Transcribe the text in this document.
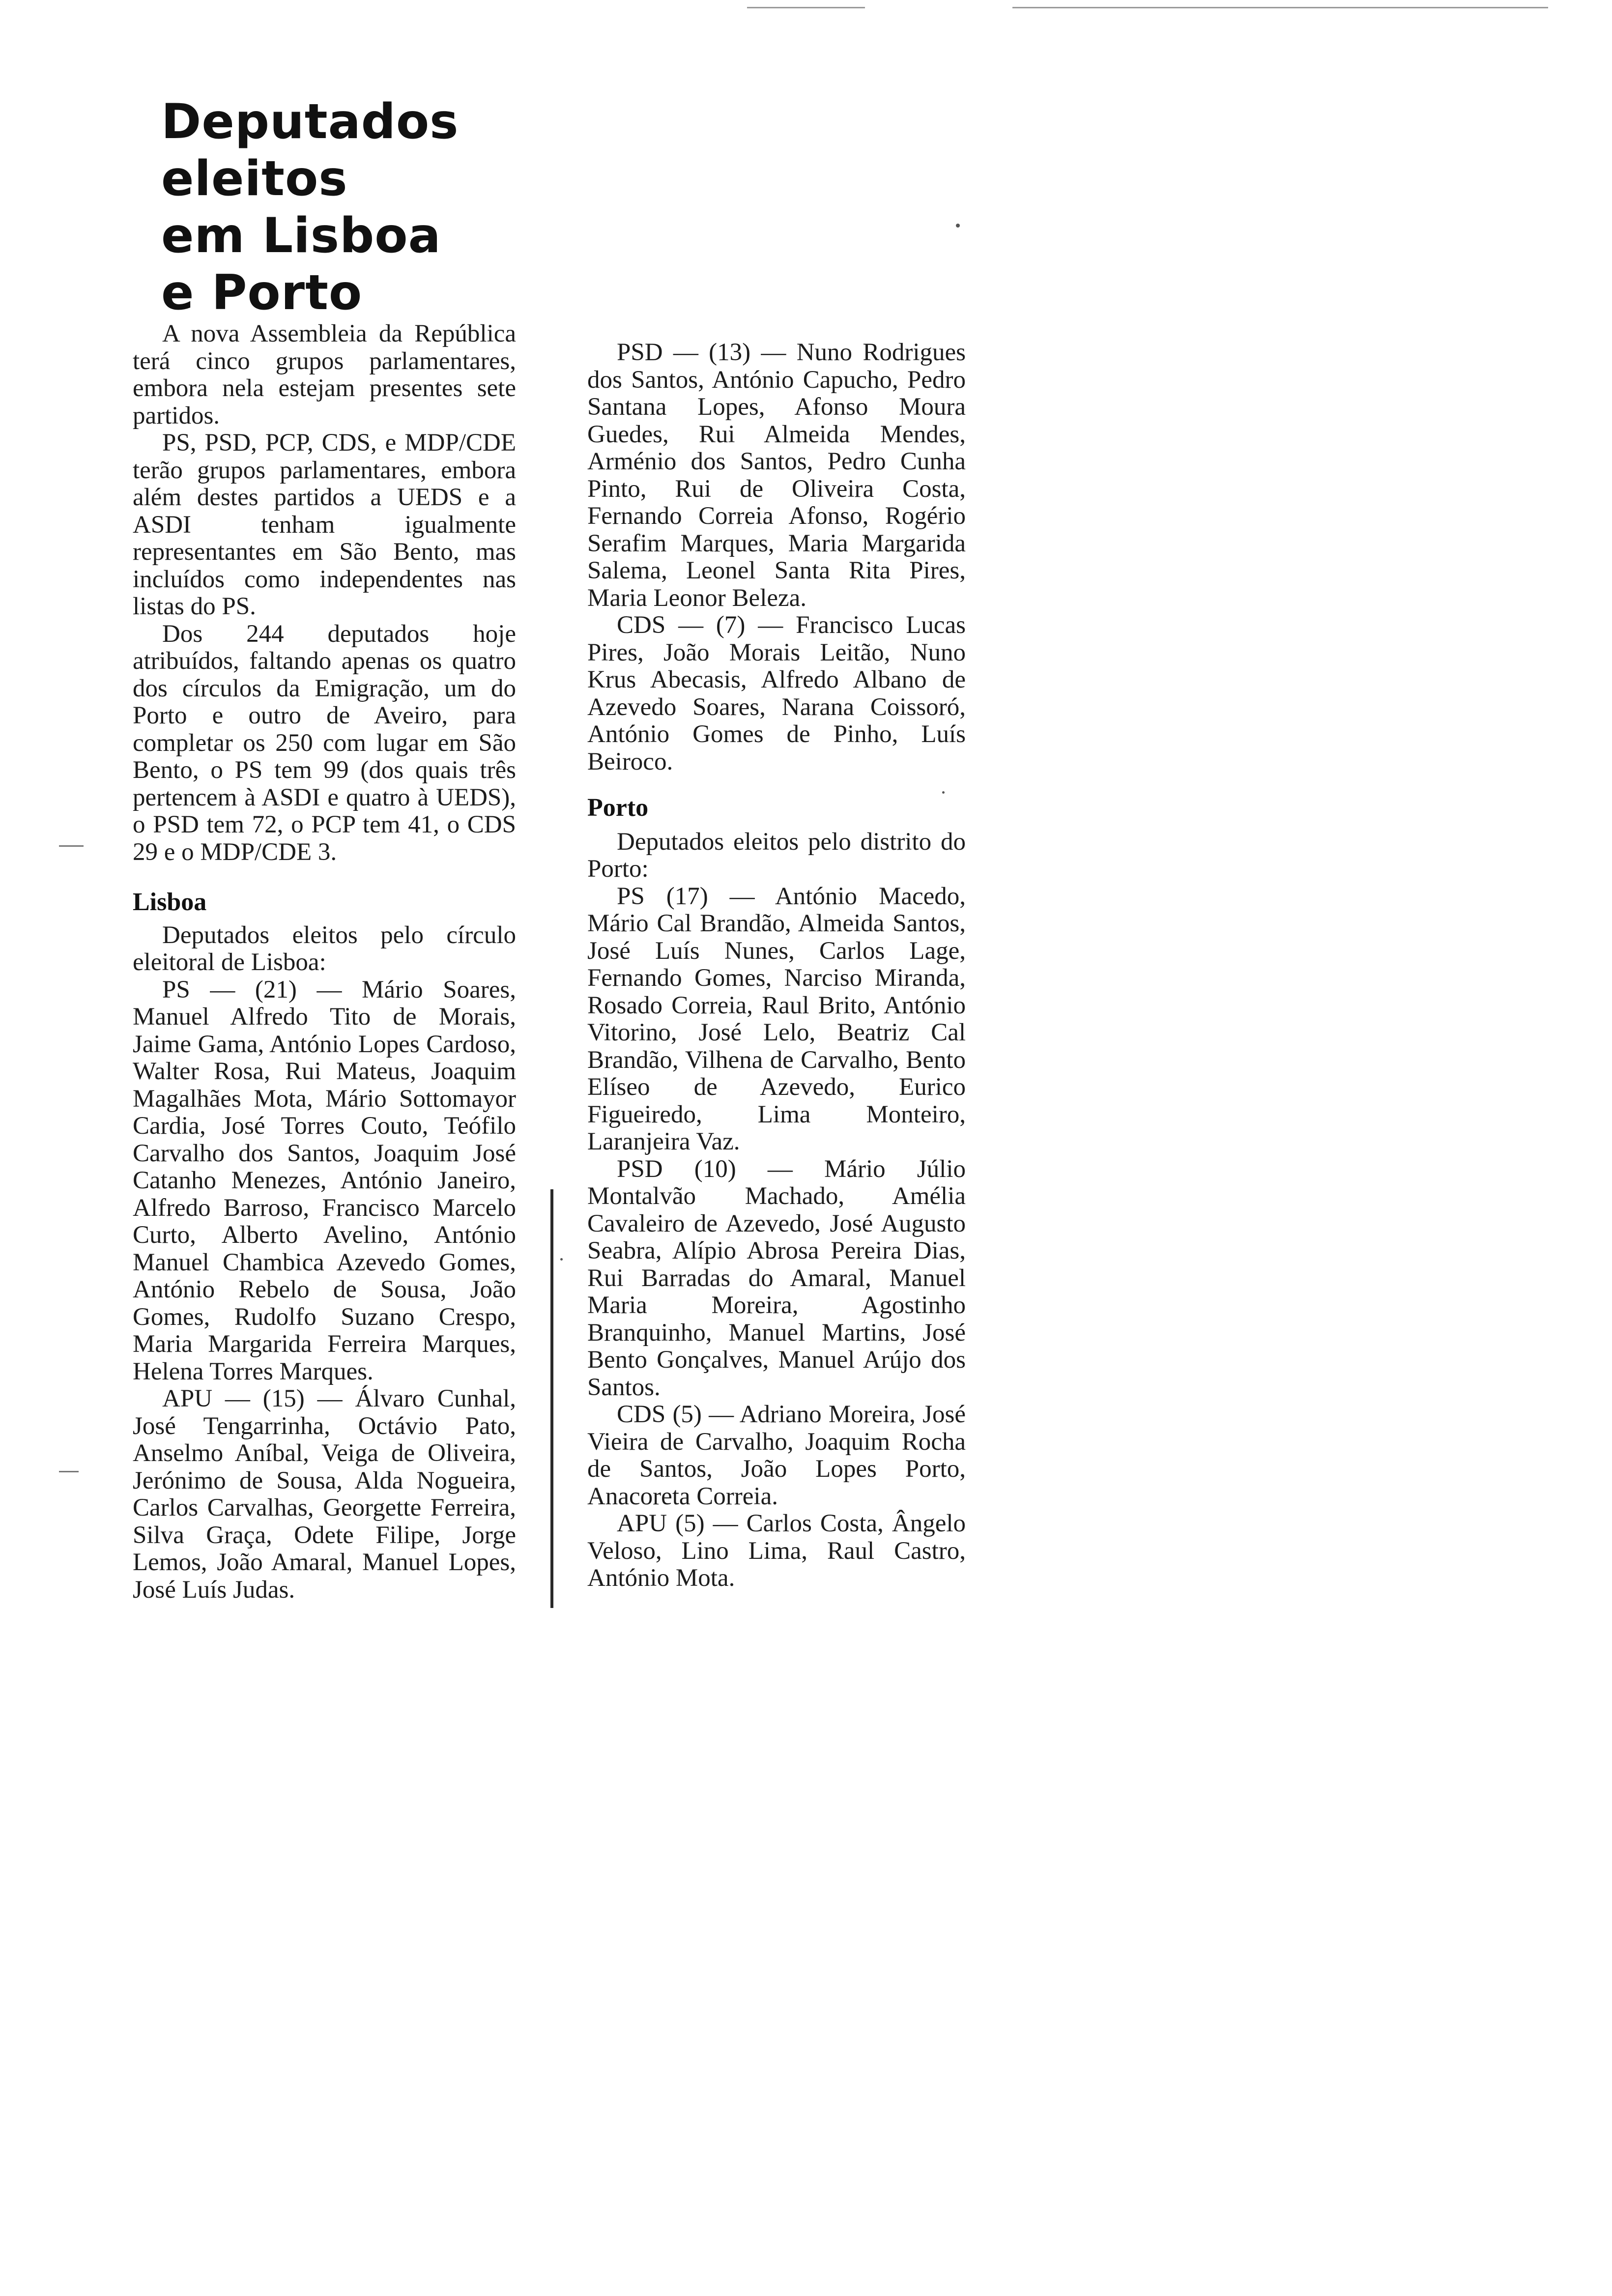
Deputados
eleitos
em Lisboa
e Porto

A nova Assembleia da República terá cinco grupos parlamentares, embora nela estejam presentes sete partidos.

PS, PSD, PCP, CDS, e MDP/CDE terão grupos parlamentares, embora além destes partidos a UEDS e a ASDI tenham igualmente representantes em São Bento, mas incluídos como independentes nas listas do PS.

Dos 244 deputados hoje atribuídos, faltando apenas os quatro dos círculos da Emigração, um do Porto e outro de Aveiro, para completar os 250 com lugar em São Bento, o PS tem 99 (dos quais três pertencem à ASDI e quatro à UEDS), o PSD tem 72, o PCP tem 41, o CDS 29 e o MDP/CDE 3.

Lisboa

Deputados eleitos pelo círculo eleitoral de Lisboa:

PS — (21) — Mário Soares, Manuel Alfredo Tito de Morais, Jaime Gama, António Lopes Cardoso, Walter Rosa, Rui Mateus, Joaquim Magalhães Mota, Mário Sottomayor Cardia, José Torres Couto, Teófilo Carvalho dos Santos, Joaquim José Catanho Menezes, António Janeiro, Alfredo Barroso, Francisco Marcelo Curto, Alberto Avelino, António Manuel Chambica Azevedo Gomes, António Rebelo de Sousa, João Gomes, Rudolfo Suzano Crespo, Maria Margarida Ferreira Marques, Helena Torres Marques.

APU — (15) — Álvaro Cunhal, José Tengarrinha, Octávio Pato, Anselmo Aníbal, Veiga de Oliveira, Jerónimo de Sousa, Alda Nogueira, Carlos Carvalhas, Georgette Ferreira, Silva Graça, Odete Filipe, Jorge Lemos, João Amaral, Manuel Lopes, José Luís Judas.

PSD — (13) — Nuno Rodrigues dos Santos, António Capucho, Pedro Santana Lopes, Afonso Moura Guedes, Rui Almeida Mendes, Arménio dos Santos, Pedro Cunha Pinto, Rui de Oliveira Costa, Fernando Correia Afonso, Rogério Serafim Marques, Maria Margarida Salema, Leonel Santa Rita Pires, Maria Leonor Beleza.

CDS — (7) — Francisco Lucas Pires, João Morais Leitão, Nuno Krus Abecasis, Alfredo Albano de Azevedo Soares, Narana Coissoró, António Gomes de Pinho, Luís Beiroco.

Porto

Deputados eleitos pelo distrito do Porto:

PS (17) — António Macedo, Mário Cal Brandão, Almeida Santos, José Luís Nunes, Carlos Lage, Fernando Gomes, Narciso Miranda, Rosado Correia, Raul Brito, António Vitorino, José Lelo, Beatriz Cal Brandão, Vilhena de Carvalho, Bento Elíseo de Azevedo, Eurico Figueiredo, Lima Monteiro, Laranjeira Vaz.

PSD (10) — Mário Júlio Montalvão Machado, Amélia Cavaleiro de Azevedo, José Augusto Seabra, Alípio Abrosa Pereira Dias, Rui Barradas do Amaral, Manuel Maria Moreira, Agostinho Branquinho, Manuel Martins, José Bento Gonçalves, Manuel Arújo dos Santos.

CDS (5) — Adriano Moreira, José Vieira de Carvalho, Joaquim Rocha de Santos, João Lopes Porto, Anacoreta Correia.

APU (5) — Carlos Costa, Ângelo Veloso, Lino Lima, Raul Castro, António Mota.
